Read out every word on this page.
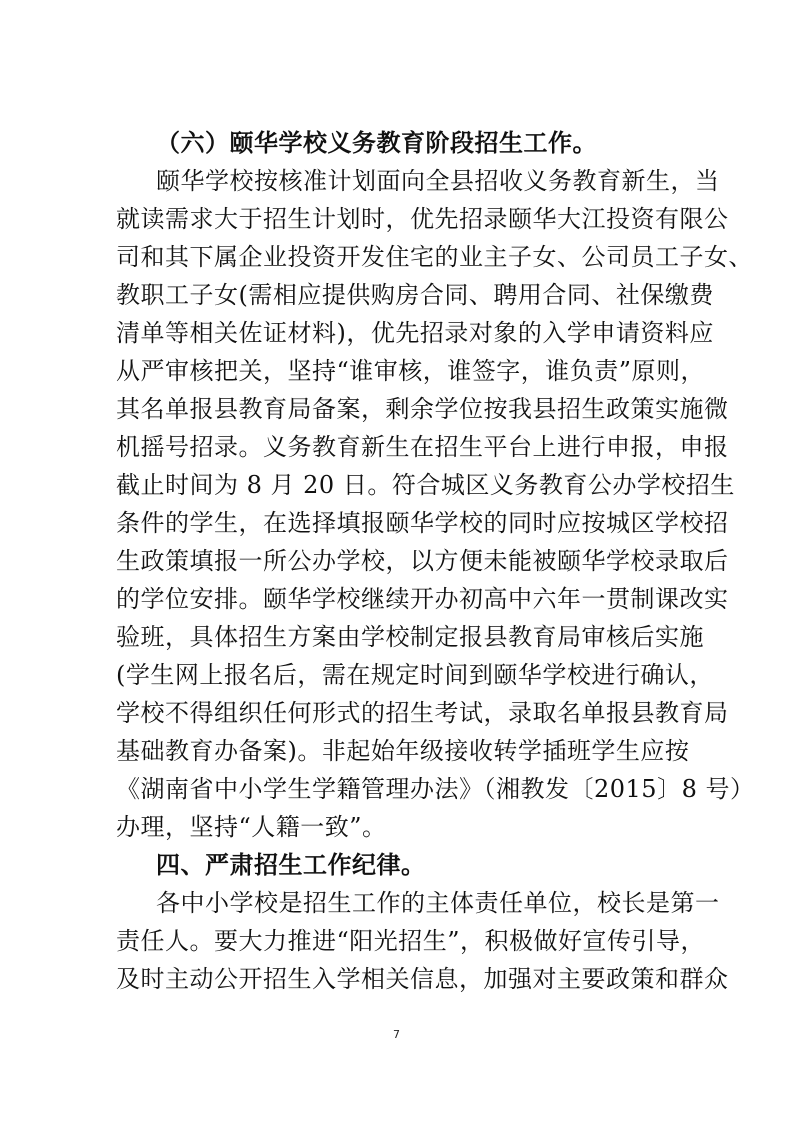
（六）颐华学校义务教育阶段招生工作。
颐华学校按核准计划面向全县招收义务教育新生，当
就读需求大于招生计划时，优先招录颐华大江投资有限公
司和其下属企业投资开发住宅的业主子女、公司员工子女、
教职工子女(需相应提供购房合同、聘用合同、社保缴费
清单等相关佐证材料)，优先招录对象的入学申请资料应
从严审核把关，坚持“谁审核，谁签字，谁负责”原则，
其名单报县教育局备案，剩余学位按我县招生政策实施微
机摇号招录。义务教育新生在招生平台上进行申报，申报
截止时间为 8 月 20 日。符合城区义务教育公办学校招生
条件的学生，在选择填报颐华学校的同时应按城区学校招
生政策填报一所公办学校，以方便未能被颐华学校录取后
的学位安排。颐华学校继续开办初高中六年一贯制课改实
验班，具体招生方案由学校制定报县教育局审核后实施
(学生网上报名后，需在规定时间到颐华学校进行确认，
学校不得组织任何形式的招生考试，录取名单报县教育局
基础教育办备案)。非起始年级接收转学插班学生应按
《湖南省中小学生学籍管理办法》（湘教发〔2015〕8 号）
办理，坚持“人籍一致”。
四、严肃招生工作纪律。
各中小学校是招生工作的主体责任单位，校长是第一
责任人。要大力推进“阳光招生”，积极做好宣传引导，
及时主动公开招生入学相关信息，加强对主要政策和群众
7
